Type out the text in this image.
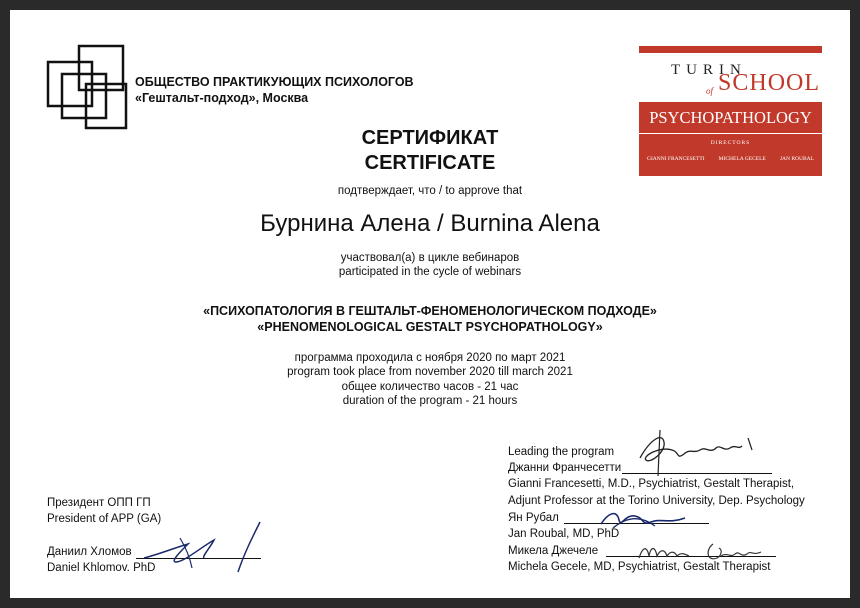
ОБЩЕСТВО ПРАКТИКУЮЩИХ ПСИХОЛОГОВ
«Гештальт-подход», Москва
TURIN
of SCHOOL
PSYCHOPATHOLOGY
DIRECTORS
GIANNI FRANCESETTI	MICHELA GECELE	JAN ROUBAL
СЕРТИФИКАТ
CERTIFICATE
подтверждает, что / to approve that
Бурнина Алена / Burnina Alena
участвовал(а) в цикле вебинаров
participated in the cycle of webinars
«ПСИХОПАТОЛОГИЯ В ГЕШТАЛЬТ-ФЕНОМЕНОЛОГИЧЕСКОМ ПОДХОДЕ»
«PHENOMENOLOGICAL GESTALT PSYCHOPATHOLOGY»
программа проходила с ноября 2020 по март 2021
program took place from november 2020 till march 2021
общее количество часов - 21 час
duration of the program - 21 hours
Leading the program
Джанни Франчесетти
Gianni Francesetti, M.D., Psychiatrist, Gestalt Therapist,
Adjunt Professor at the Torino University, Dep. Psychology
Ян Рубал
Jan Roubal, MD, PhD
Микела Джечеле
Michela Gecele, MD, Psychiatrist, Gestalt Therapist
Президент ОПП ГП
President of APP (GA)
Даниил Хломов
Daniel Khlomov. PhD
